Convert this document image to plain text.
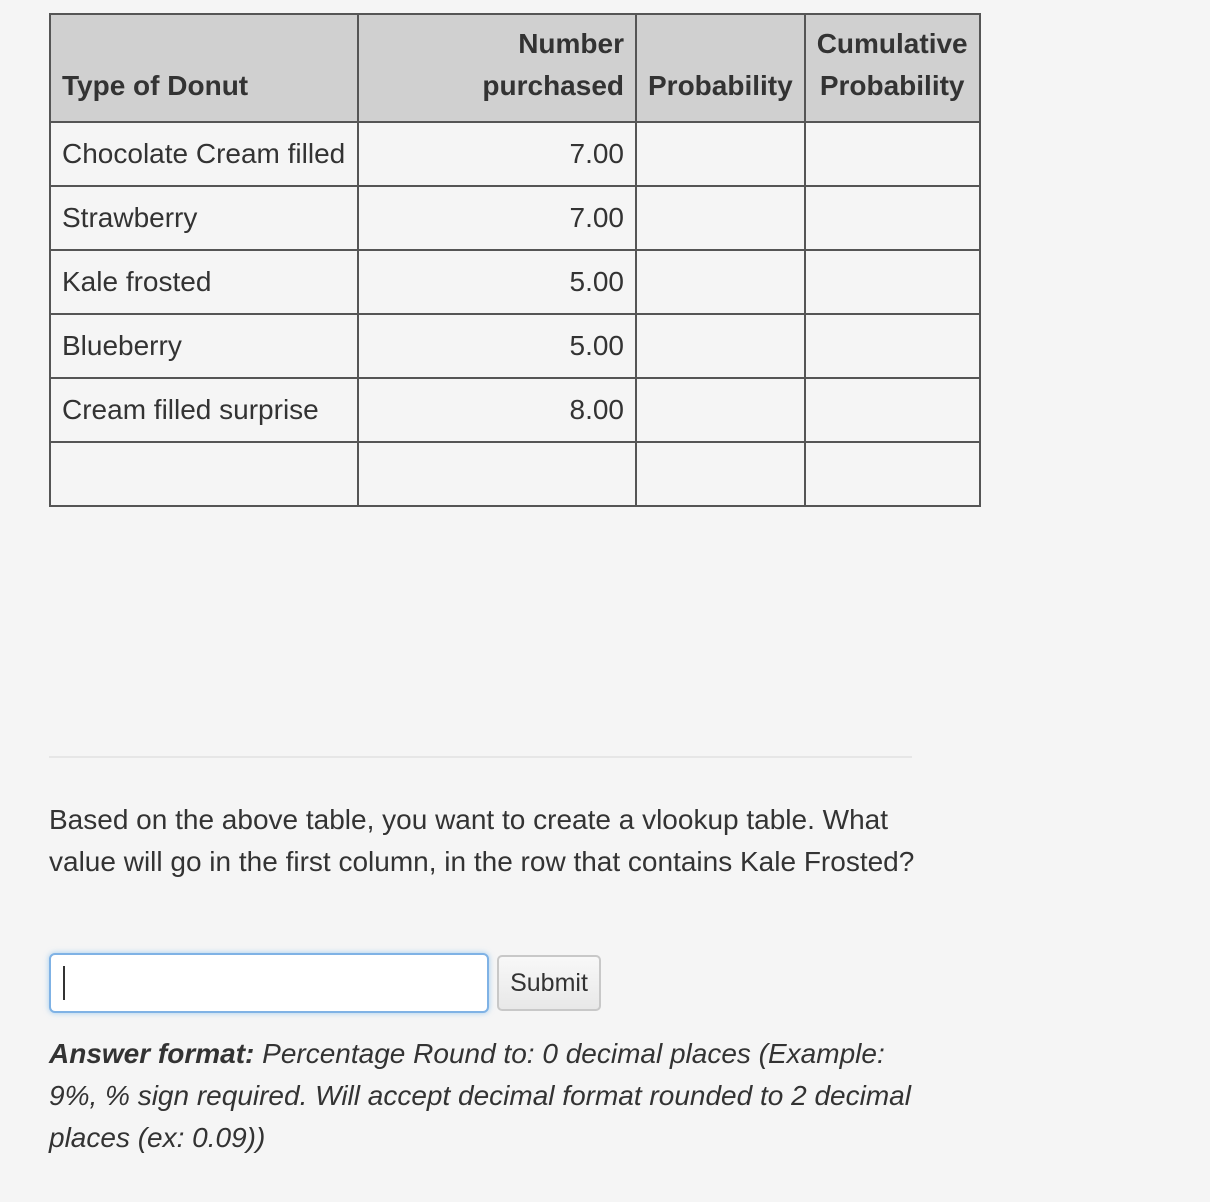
Type of Donut	Number purchased	Probability	Cumulative
Probability
Chocolate Cream filled	7.00		
Strawberry	7.00		
Kale frosted	5.00		
Blueberry	5.00		
Cream filled surprise	8.00		

Based on the above table, you want to create a vlookup table. What value will go in the first column, in the row that contains Kale Frosted?

Submit

Answer format: Percentage Round to: 0 decimal places (Example: 9%, % sign required. Will accept decimal format rounded to 2 decimal places (ex: 0.09))
